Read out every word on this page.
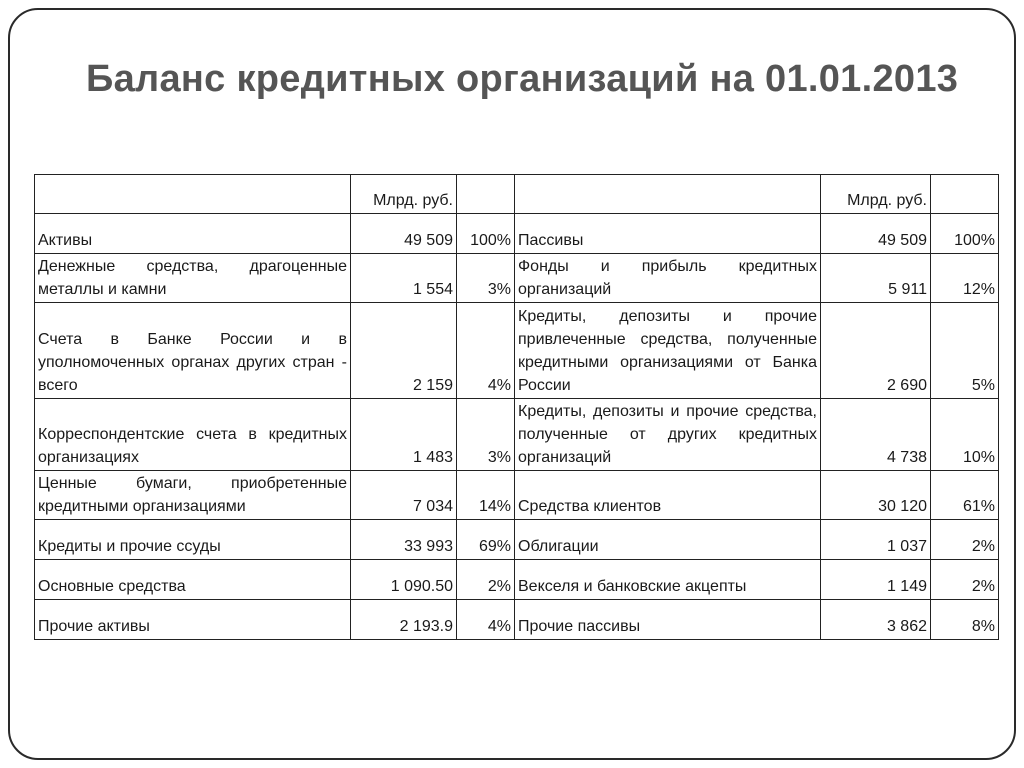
Баланс кредитных организаций на 01.01.2013
	Млрд. руб.			Млрд. руб.	
Активы	49 509	100%	Пассивы	49 509	100%
Денежные средства, драгоценные металлы и камни	1 554	3%	Фонды и прибыль кредитных организаций	5 911	12%
Счета в Банке России и в уполномоченных органах других стран - всего	2 159	4%	Кредиты, депозиты и прочие привлеченные средства, полученные кредитными организациями от Банка России	2 690	5%
Корреспондентские счета в кредитных организациях	1 483	3%	Кредиты, депозиты и прочие средства, полученные от других кредитных организаций	4 738	10%
Ценные бумаги, приобретенные кредитными организациями	7 034	14%	Средства клиентов	30 120	61%
Кредиты и прочие ссуды	33 993	69%	Облигации	1 037	2%
Основные средства	1 090.50	2%	Векселя и банковские акцепты	1 149	2%
Прочие активы	2 193.9	4%	Прочие пассивы	3 862	8%
